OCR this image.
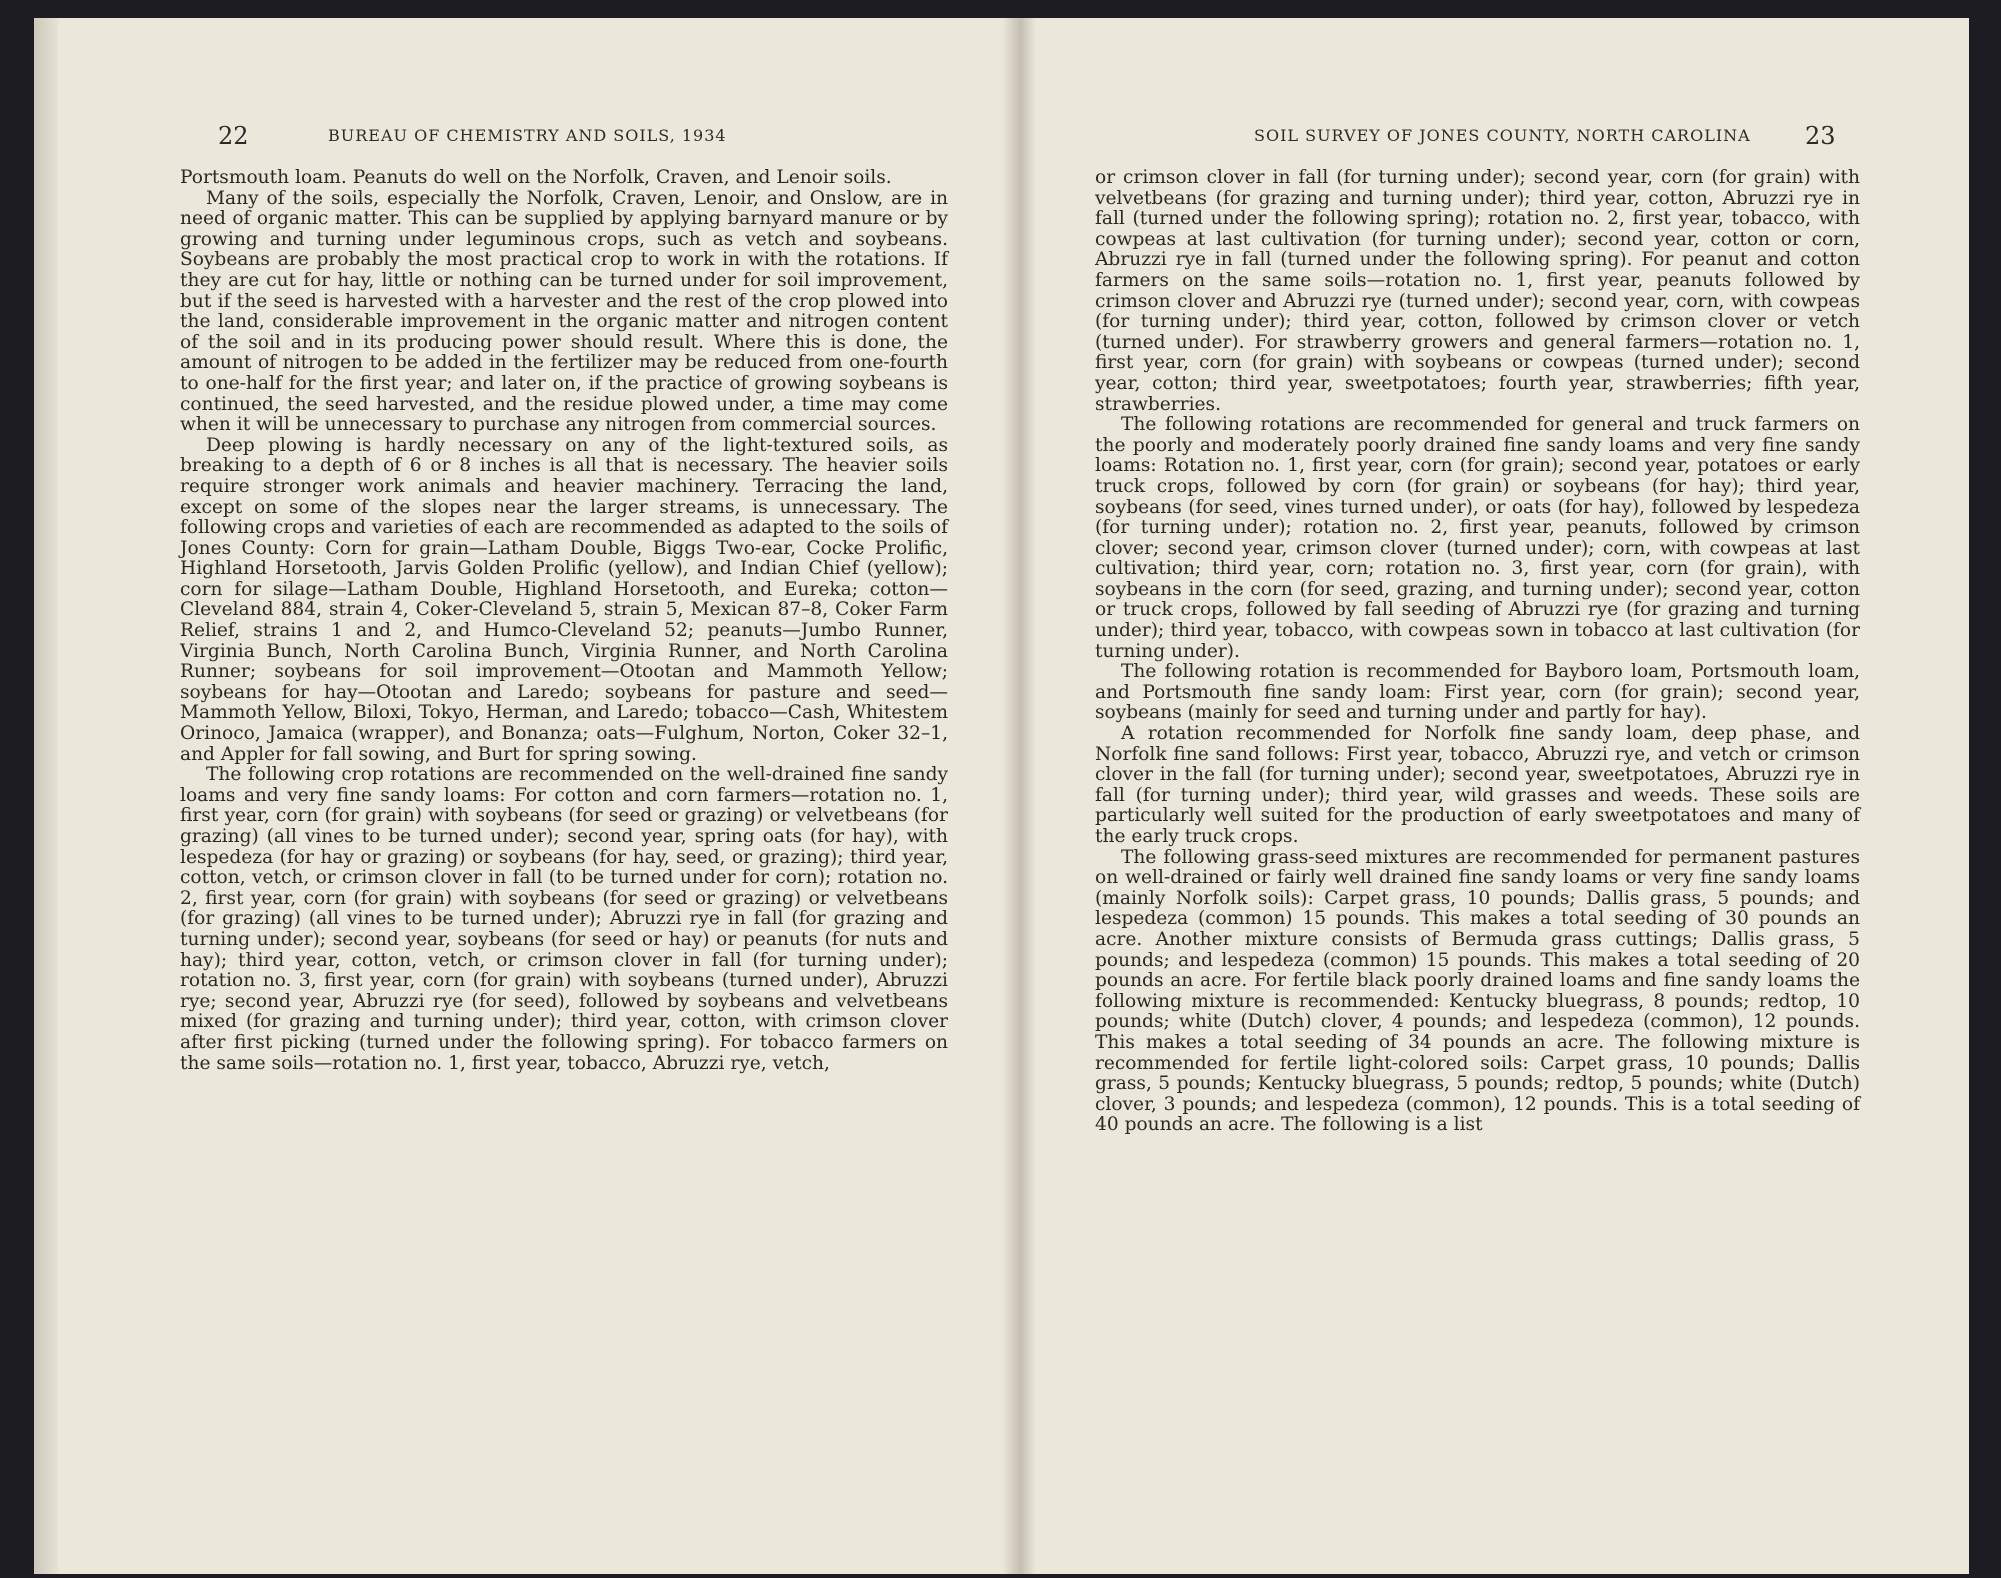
22	BUREAU OF CHEMISTRY AND SOILS, 1934

Portsmouth loam. Peanuts do well on the Norfolk, Craven, and Lenoir soils.

Many of the soils, especially the Norfolk, Craven, Lenoir, and Onslow, are in need of organic matter. This can be supplied by applying barnyard manure or by growing and turning under leguminous crops, such as vetch and soybeans. Soybeans are probably the most practical crop to work in with the rotations. If they are cut for hay, little or nothing can be turned under for soil improvement, but if the seed is harvested with a harvester and the rest of the crop plowed into the land, considerable improvement in the organic matter and nitrogen content of the soil and in its producing power should result. Where this is done, the amount of nitrogen to be added in the fertilizer may be reduced from one-fourth to one-half for the first year; and later on, if the practice of growing soybeans is continued, the seed harvested, and the residue plowed under, a time may come when it will be unnecessary to purchase any nitrogen from commercial sources.

Deep plowing is hardly necessary on any of the light-textured soils, as breaking to a depth of 6 or 8 inches is all that is necessary. The heavier soils require stronger work animals and heavier machinery. Terracing the land, except on some of the slopes near the larger streams, is unnecessary. The following crops and varieties of each are recommended as adapted to the soils of Jones County: Corn for grain—Latham Double, Biggs Two-ear, Cocke Prolific, Highland Horsetooth, Jarvis Golden Prolific (yellow), and Indian Chief (yellow); corn for silage—Latham Double, Highland Horsetooth, and Eureka; cotton—Cleveland 884, strain 4, Coker-Cleveland 5, strain 5, Mexican 87–8, Coker Farm Relief, strains 1 and 2, and Humco-Cleveland 52; peanuts—Jumbo Runner, Virginia Bunch, North Carolina Bunch, Virginia Runner, and North Carolina Runner; soybeans for soil improvement—Otootan and Mammoth Yellow; soybeans for hay—Otootan and Laredo; soybeans for pasture and seed—Mammoth Yellow, Biloxi, Tokyo, Herman, and Laredo; tobacco—Cash, Whitestem Orinoco, Jamaica (wrapper), and Bonanza; oats—Fulghum, Norton, Coker 32–1, and Appler for fall sowing, and Burt for spring sowing.

The following crop rotations are recommended on the well-drained fine sandy loams and very fine sandy loams: For cotton and corn farmers—rotation no. 1, first year, corn (for grain) with soybeans (for seed or grazing) or velvetbeans (for grazing) (all vines to be turned under); second year, spring oats (for hay), with lespedeza (for hay or grazing) or soybeans (for hay, seed, or grazing); third year, cotton, vetch, or crimson clover in fall (to be turned under for corn); rotation no. 2, first year, corn (for grain) with soybeans (for seed or grazing) or velvetbeans (for grazing) (all vines to be turned under); Abruzzi rye in fall (for grazing and turning under); second year, soybeans (for seed or hay) or peanuts (for nuts and hay); third year, cotton, vetch, or crimson clover in fall (for turning under); rotation no. 3, first year, corn (for grain) with soybeans (turned under), Abruzzi rye; second year, Abruzzi rye (for seed), followed by soybeans and velvetbeans mixed (for grazing and turning under); third year, cotton, with crimson clover after first picking (turned under the following spring). For tobacco farmers on the same soils—rotation no. 1, first year, tobacco, Abruzzi rye, vetch,

SOIL SURVEY OF JONES COUNTY, NORTH CAROLINA 23

or crimson clover in fall (for turning under); second year, corn (for grain) with velvetbeans (for grazing and turning under); third year, cotton, Abruzzi rye in fall (turned under the following spring); rotation no. 2, first year, tobacco, with cowpeas at last cultivation (for turning under); second year, cotton or corn, Abruzzi rye in fall (turned under the following spring). For peanut and cotton farmers on the same soils—rotation no. 1, first year, peanuts followed by crimson clover and Abruzzi rye (turned under); second year, corn, with cowpeas (for turning under); third year, cotton, followed by crimson clover or vetch (turned under). For strawberry growers and general farmers—rotation no. 1, first year, corn (for grain) with soybeans or cowpeas (turned under); second year, cotton; third year, sweetpotatoes; fourth year, strawberries; fifth year, strawberries.

The following rotations are recommended for general and truck farmers on the poorly and moderately poorly drained fine sandy loams and very fine sandy loams: Rotation no. 1, first year, corn (for grain); second year, potatoes or early truck crops, followed by corn (for grain) or soybeans (for hay); third year, soybeans (for seed, vines turned under), or oats (for hay), followed by lespedeza (for turning under); rotation no. 2, first year, peanuts, followed by crimson clover; second year, crimson clover (turned under); corn, with cowpeas at last cultivation; third year, corn; rotation no. 3, first year, corn (for grain), with soybeans in the corn (for seed, grazing, and turning under); second year, cotton or truck crops, followed by fall seeding of Abruzzi rye (for grazing and turning under); third year, tobacco, with cowpeas sown in tobacco at last cultivation (for turning under).

The following rotation is recommended for Bayboro loam, Portsmouth loam, and Portsmouth fine sandy loam: First year, corn (for grain); second year, soybeans (mainly for seed and turning under and partly for hay).

A rotation recommended for Norfolk fine sandy loam, deep phase, and Norfolk fine sand follows: First year, tobacco, Abruzzi rye, and vetch or crimson clover in the fall (for turning under); second year, sweetpotatoes, Abruzzi rye in fall (for turning under); third year, wild grasses and weeds. These soils are particularly well suited for the production of early sweetpotatoes and many of the early truck crops.

The following grass-seed mixtures are recommended for permanent pastures on well-drained or fairly well drained fine sandy loams or very fine sandy loams (mainly Norfolk soils): Carpet grass, 10 pounds; Dallis grass, 5 pounds; and lespedeza (common) 15 pounds. This makes a total seeding of 30 pounds an acre. Another mixture consists of Bermuda grass cuttings; Dallis grass, 5 pounds; and lespedeza (common) 15 pounds. This makes a total seeding of 20 pounds an acre. For fertile black poorly drained loams and fine sandy loams the following mixture is recommended: Kentucky bluegrass, 8 pounds; redtop, 10 pounds; white (Dutch) clover, 4 pounds; and lespedeza (common), 12 pounds. This makes a total seeding of 34 pounds an acre. The following mixture is recommended for fertile light-colored soils: Carpet grass, 10 pounds; Dallis grass, 5 pounds; Kentucky bluegrass, 5 pounds; redtop, 5 pounds; white (Dutch) clover, 3 pounds; and lespedeza (common), 12 pounds. This is a total seeding of 40 pounds an acre. The following is a list
